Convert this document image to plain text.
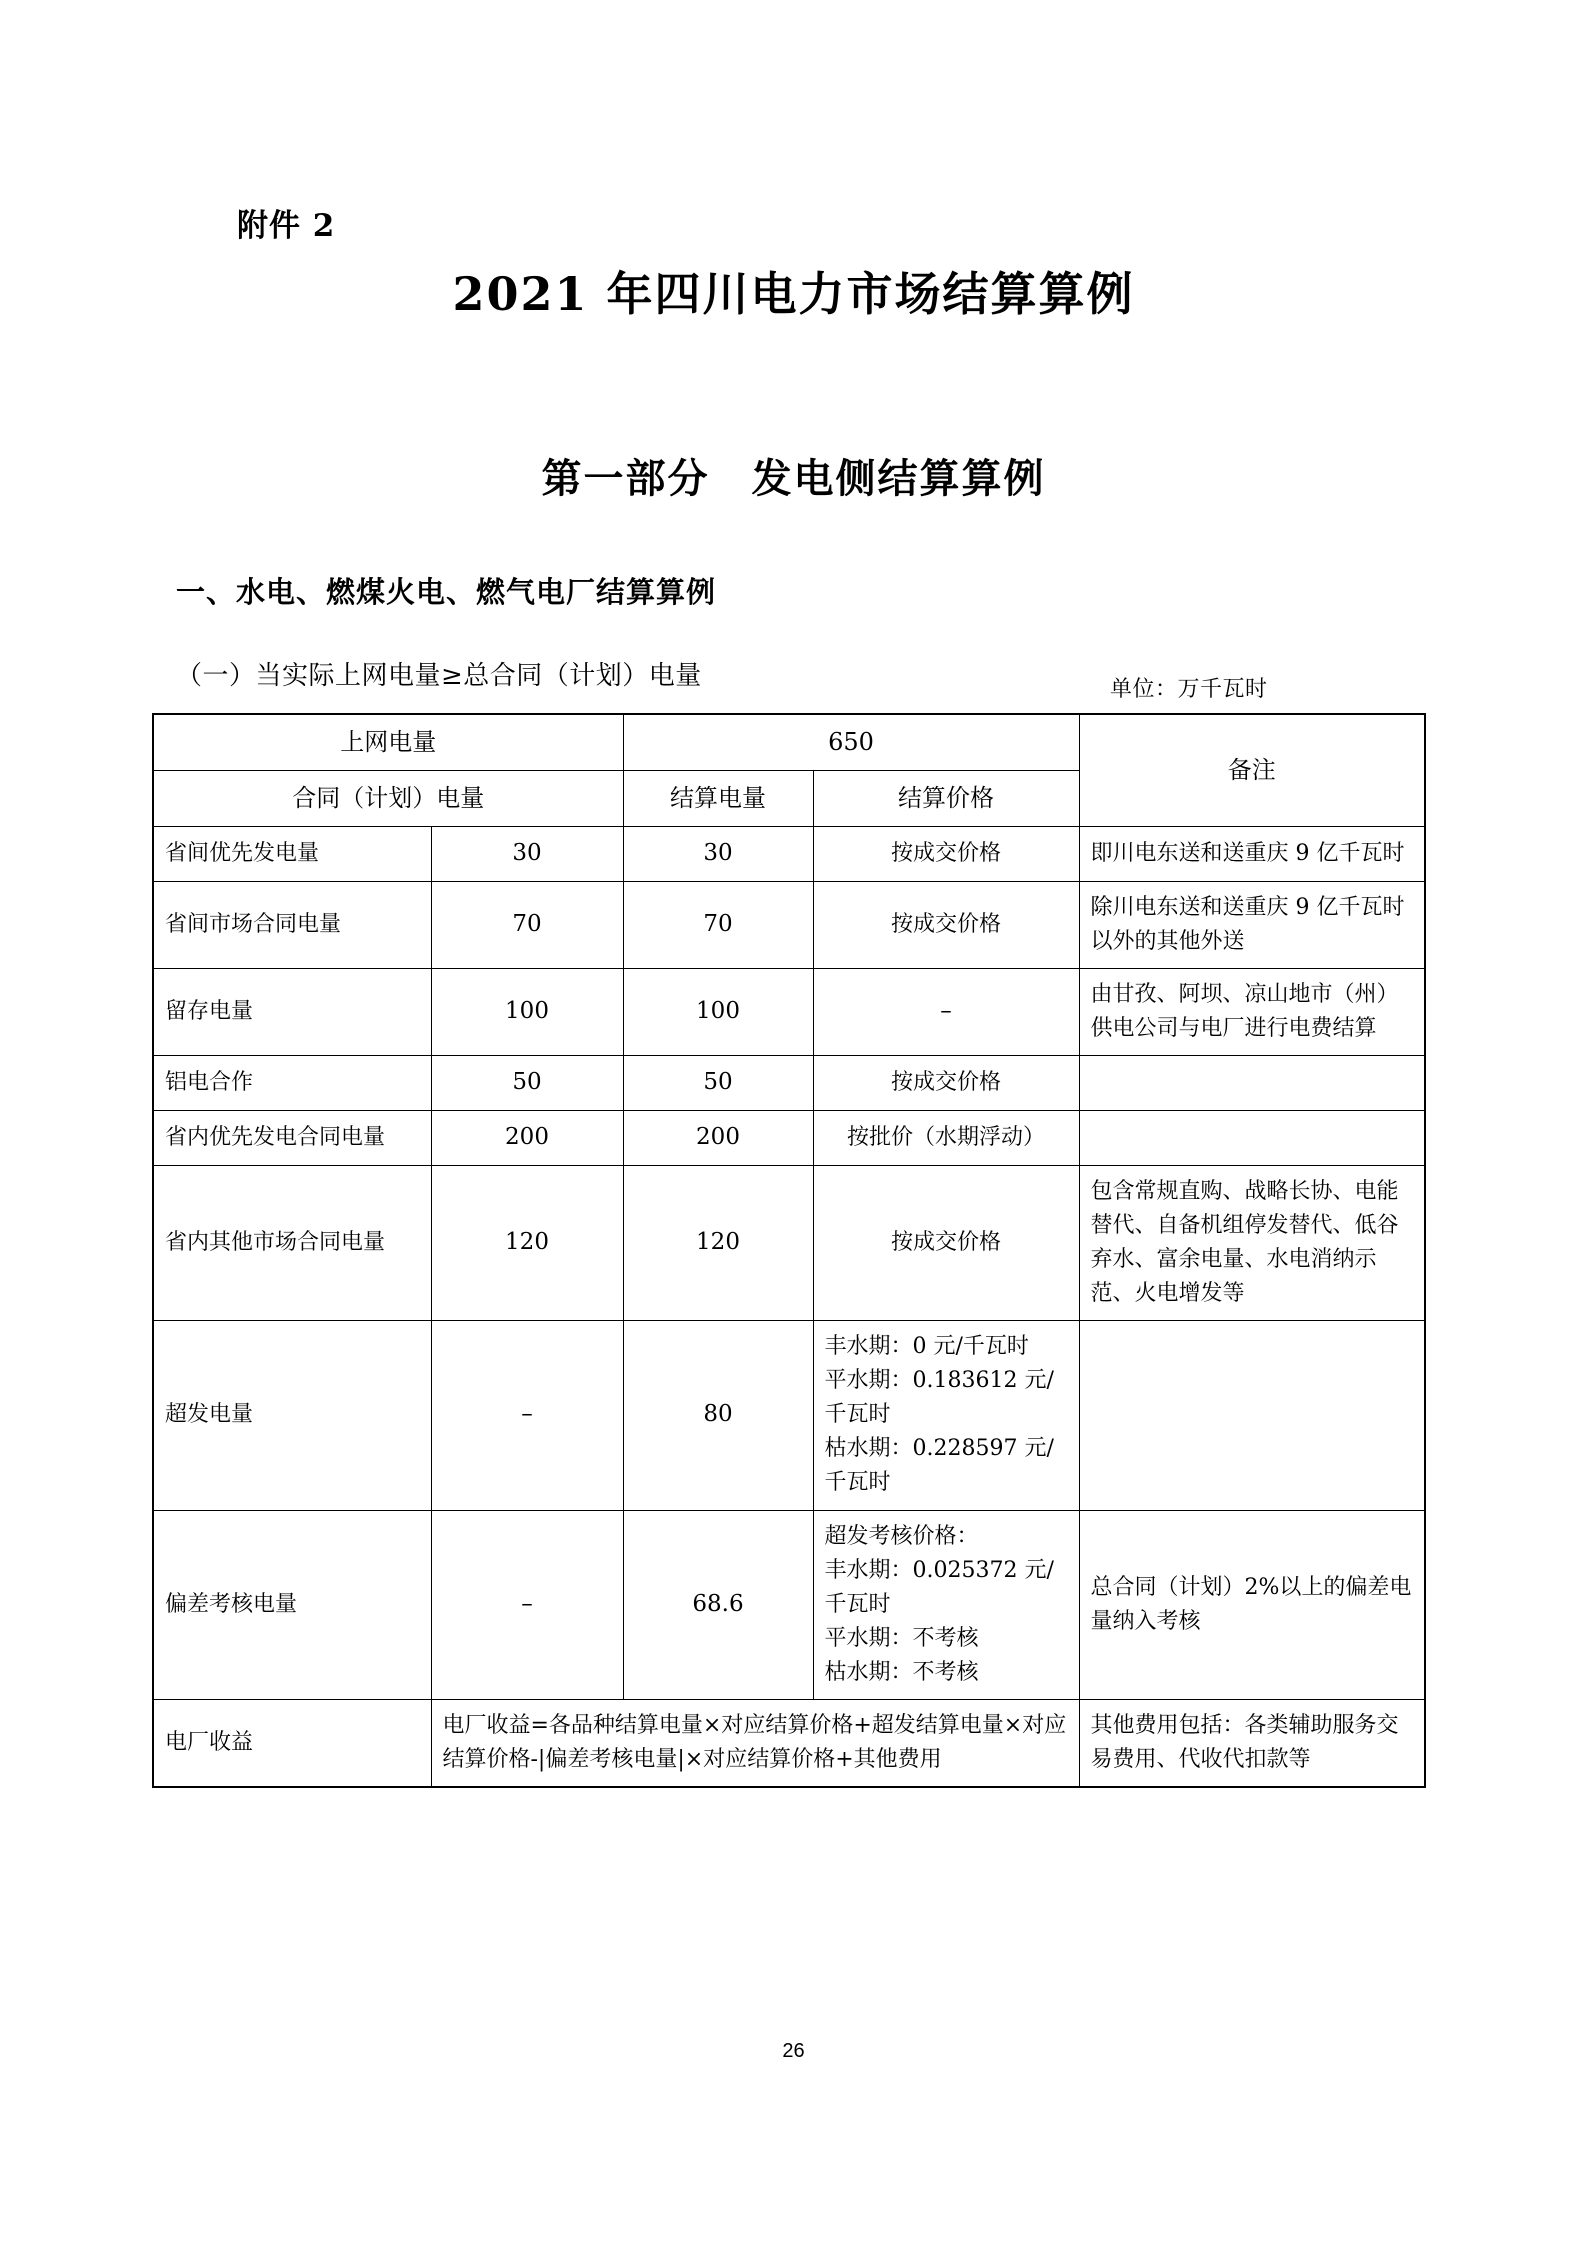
附件 2
2021 年四川电力市场结算算例
第一部分　发电侧结算算例
一、水电、燃煤火电、燃气电厂结算算例
（一）当实际上网电量≥总合同（计划）电量	单位：万千瓦时
上网电量		650		备注
合同（计划）电量		结算电量	结算价格	
省间优先发电量	30	30	按成交价格	即川电东送和送重庆 9 亿千瓦时
省间市场合同电量	70	70	按成交价格	除川电东送和送重庆 9 亿千瓦时以外的其他外送
留存电量	100	100	–	由甘孜、阿坝、凉山地市（州）供电公司与电厂进行电费结算
铝电合作	50	50	按成交价格	
省内优先发电合同电量	200	200	按批价（水期浮动）	
省内其他市场合同电量	120	120	按成交价格	包含常规直购、战略长协、电能替代、自备机组停发替代、低谷弃水、富余电量、水电消纳示范、火电增发等
超发电量	–	80	丰水期：0 元/千瓦时
平水期：0.183612 元/千瓦时
枯水期：0.228597 元/千瓦时	

偏差考核电量	–	68.6	超发考核价格：
丰水期：0.025372 元/千瓦时
平水期：不考核
枯水期：不考核	总合同（计划）2%以上的偏差电量纳入考核
电厂收益	电厂收益=各品种结算电量×对应结算价格+超发结算电量×对应结算价格-|偏差考核电量|×对应结算价格+其他费用			其他费用包括：各类辅助服务交易费用、代收代扣款等
26
